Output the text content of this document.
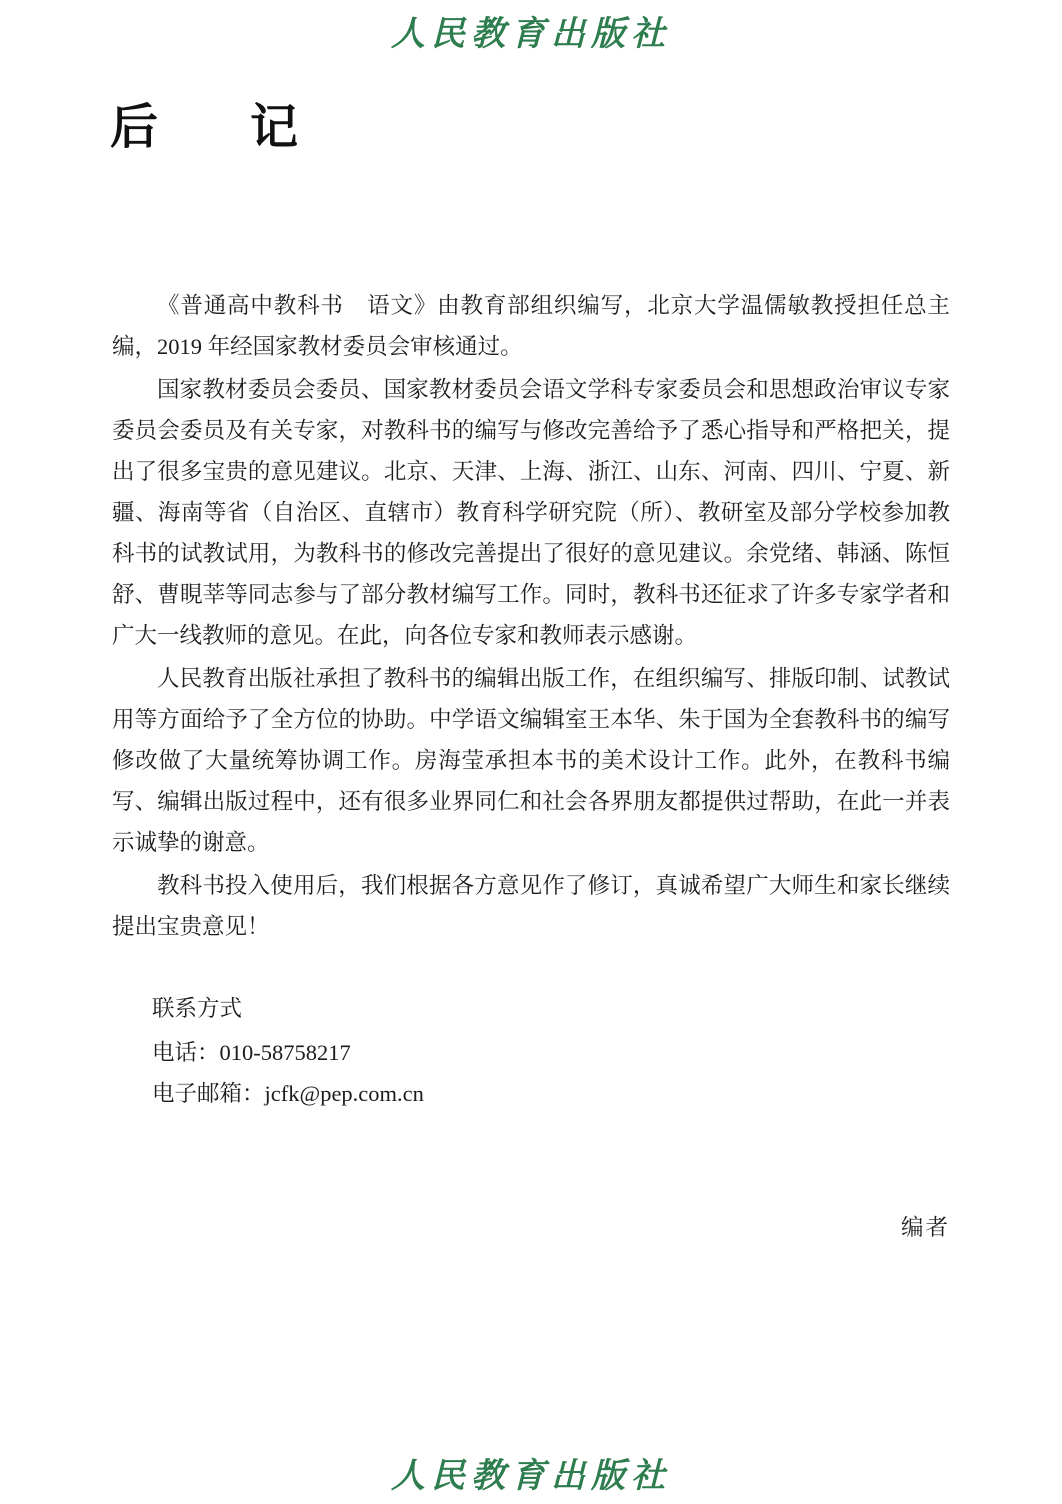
人民教育出版社
后　记

《普通高中教科书　语文》由教育部组织编写，北京大学温儒敏教授担任总主编，2019 年经国家教材委员会审核通过。

国家教材委员会委员、国家教材委员会语文学科专家委员会和思想政治审议专家委员会委员及有关专家，对教科书的编写与修改完善给予了悉心指导和严格把关，提出了很多宝贵的意见建议。北京、天津、上海、浙江、山东、河南、四川、宁夏、新疆、海南等省（自治区、直辖市）教育科学研究院（所）、教研室及部分学校参加教科书的试教试用，为教科书的修改完善提出了很好的意见建议。余党绪、韩涵、陈恒舒、曹睍莘等同志参与了部分教材编写工作。同时，教科书还征求了许多专家学者和广大一线教师的意见。在此，向各位专家和教师表示感谢。

人民教育出版社承担了教科书的编辑出版工作，在组织编写、排版印制、试教试用等方面给予了全方位的协助。中学语文编辑室王本华、朱于国为全套教科书的编写修改做了大量统筹协调工作。房海莹承担本书的美术设计工作。此外，在教科书编写、编辑出版过程中，还有很多业界同仁和社会各界朋友都提供过帮助，在此一并表示诚挚的谢意。

教科书投入使用后，我们根据各方意见作了修订，真诚希望广大师生和家长继续提出宝贵意见！

联系方式
电话：010-58758217
电子邮箱：jcfk@pep.com.cn
编者
人民教育出版社
